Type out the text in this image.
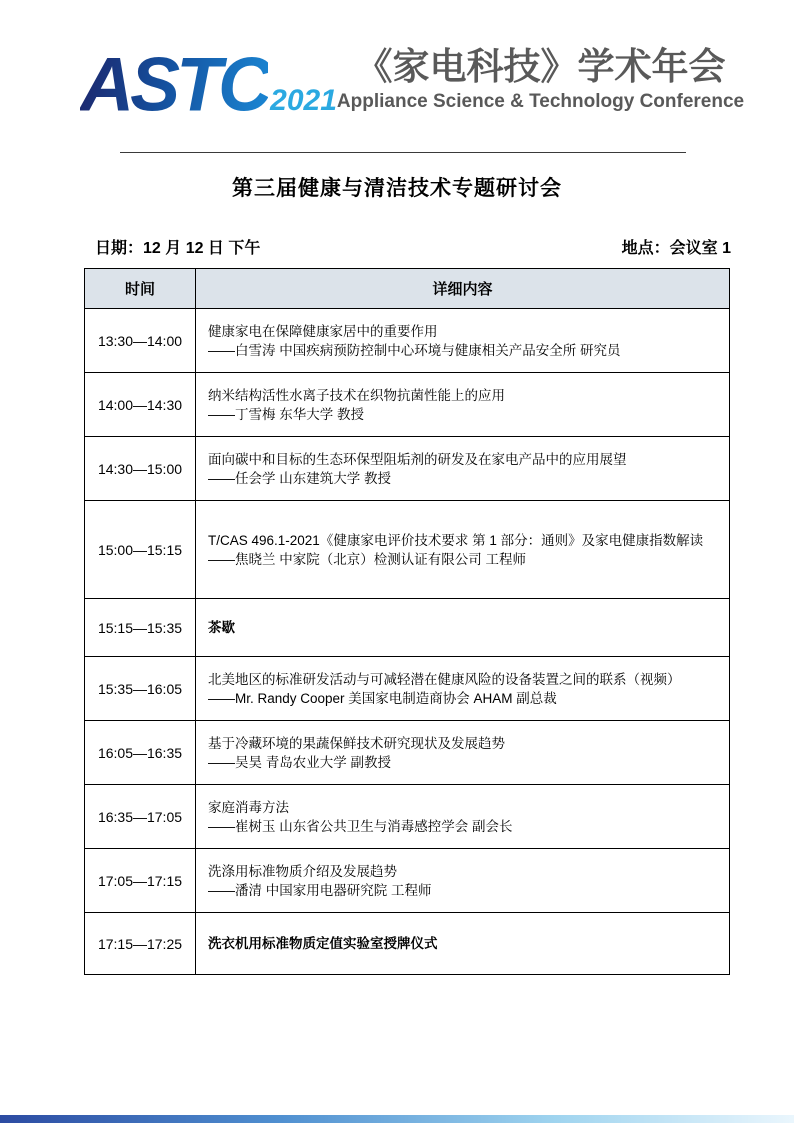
ASTC 2021
《家电科技》学术年会
Appliance Science & Technology Conference
第三届健康与清洁技术专题研讨会
日期：12 月 12 日 下午	地点：会议室 1
时间	详细内容
13:30—14:00	健康家电在保障健康家居中的重要作用
——白雪涛 中国疾病预防控制中心环境与健康相关产品安全所 研究员

14:00—14:30	纳米结构活性水离子技术在织物抗菌性能上的应用
——丁雪梅 东华大学 教授

14:30—15:00	面向碳中和目标的生态环保型阻垢剂的研发及在家电产品中的应用展望
——任会学 山东建筑大学 教授

15:00—15:15	T/CAS 496.1-2021《健康家电评价技术要求 第 1 部分：通则》及家电健康指数解读
——焦晓兰 中家院（北京）检测认证有限公司 工程师

15:15—15:35	茶歇

15:35—16:05	北美地区的标准研发活动与可减轻潜在健康风险的设备装置之间的联系（视频）
——Mr. Randy Cooper 美国家电制造商协会 AHAM 副总裁

16:05—16:35	基于冷藏环境的果蔬保鲜技术研究现状及发展趋势
——吴昊 青岛农业大学 副教授

16:35—17:05	家庭消毒方法
——崔树玉 山东省公共卫生与消毒感控学会 副会长

17:05—17:15	洗涤用标准物质介绍及发展趋势
——潘清 中国家用电器研究院 工程师

17:15—17:25	洗衣机用标准物质定值实验室授牌仪式
